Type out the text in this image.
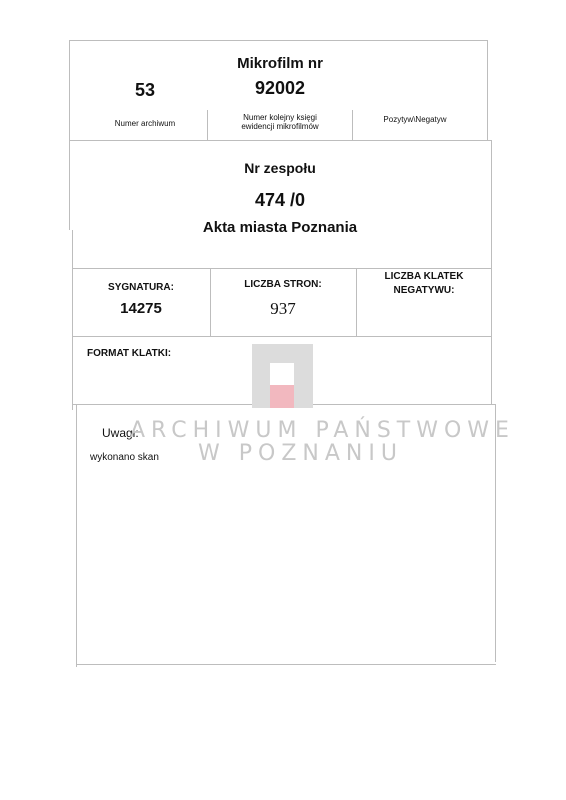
Mikrofilm nr
53	92002
Numer archiwum
Numer kolejny księgi
ewidencji mikrofilmów
Pozytyw\Negatyw
Nr zespołu
474 /0
Akta miasta Poznania
SYGNATURA:
14275
LICZBA STRON:
937
LICZBA KLATEK
NEGATYWU:
FORMAT KLATKI:
Uwagi:
wykonano skan
ARCHIWUM PAŃSTWOWE
W POZNANIU
